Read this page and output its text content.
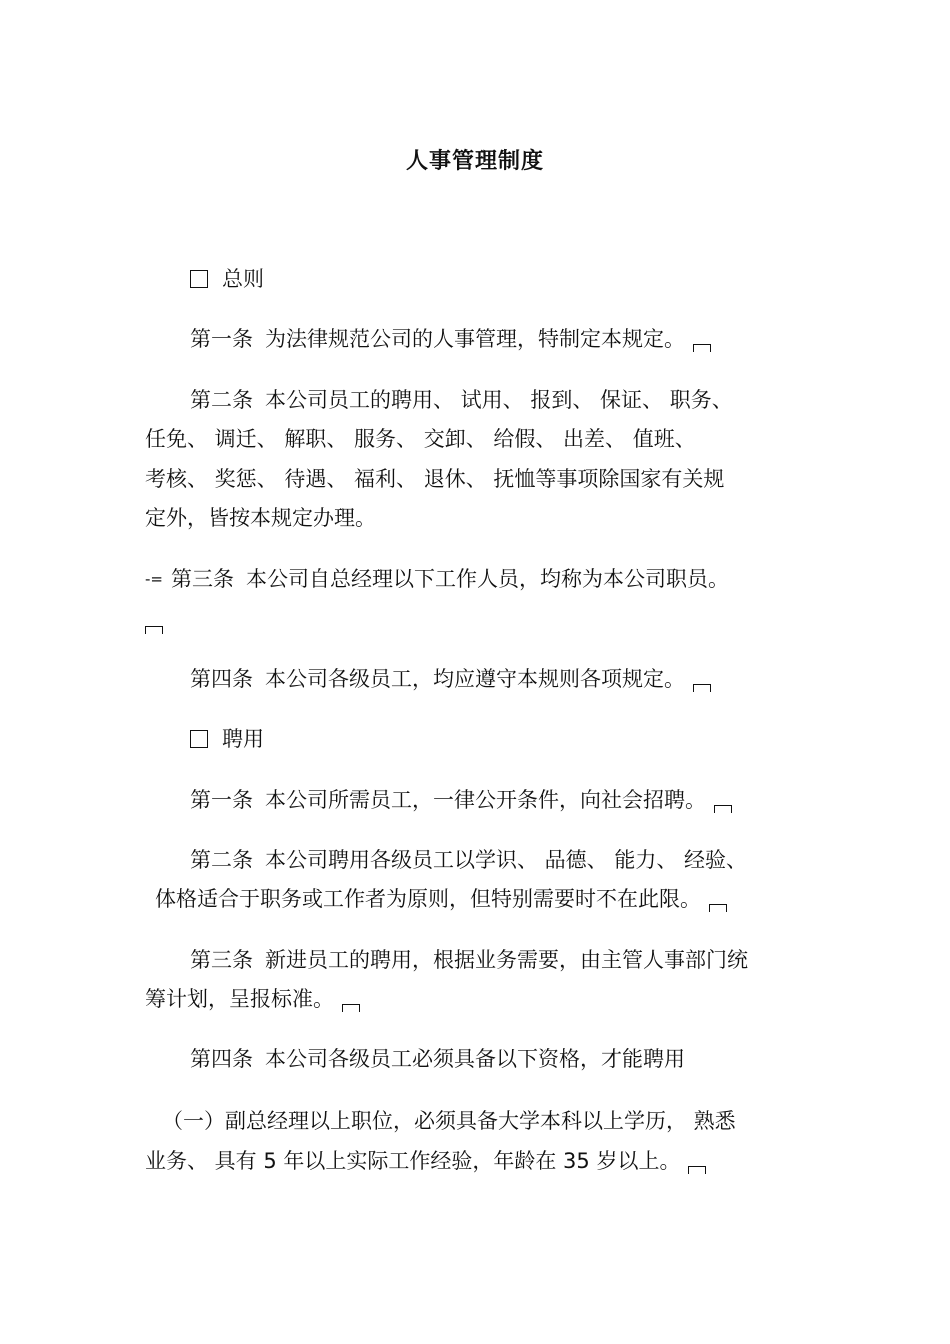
人事管理制度
总则
第一条 为法律规范公司的人事管理，特制定本规定。
第二条 本公司员工的聘用、 试用、 报到、 保证、 职务、
任免、 调迁、 解职、 服务、 交卸、 给假、 出差、 值班、
考核、 奖惩、 待遇、 福利、 退休、 抚恤等事项除国家有关规
定外，皆按本规定办理。
-= 第三条 本公司自总经理以下工作人员，均称为本公司职员。
第四条 本公司各级员工，均应遵守本规则各项规定。
聘用
第一条 本公司所需员工，一律公开条件，向社会招聘。
第二条 本公司聘用各级员工以学识、 品德、 能力、 经验、
体格适合于职务或工作者为原则，但特别需要时不在此限。
第三条 新进员工的聘用，根据业务需要，由主管人事部门统
筹计划，呈报标准。
第四条 本公司各级员工必须具备以下资格，才能聘用
（一）副总经理以上职位，必须具备大学本科以上学历， 熟悉
业务、 具有 5 年以上实际工作经验，年龄在 35 岁以上。
